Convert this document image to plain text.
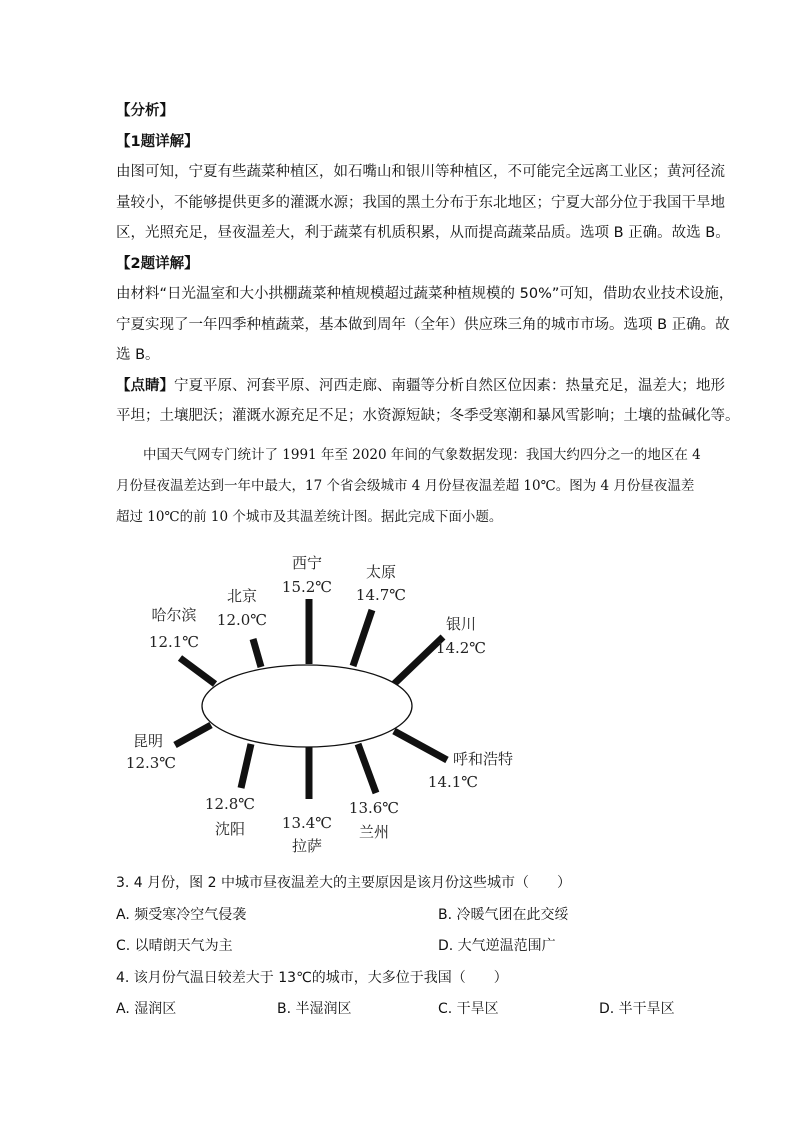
【分析】
【1题详解】
由图可知，宁夏有些蔬菜种植区，如石嘴山和银川等种植区，不可能完全远离工业区；黄河径流
量较小，不能够提供更多的灌溉水源；我国的黑土分布于东北地区；宁夏大部分位于我国干旱地
区，光照充足，昼夜温差大，利于蔬菜有机质积累，从而提高蔬菜品质。选项 B 正确。故选 B。
【2题详解】
由材料“日光温室和大小拱棚蔬菜种植规模超过蔬菜种植规模的 50%”可知，借助农业技术设施，
宁夏实现了一年四季种植蔬菜，基本做到周年（全年）供应珠三角的城市市场。选项 B 正确。故
选 B。
【点睛】宁夏平原、河套平原、河西走廊、南疆等分析自然区位因素：热量充足，温差大；地形
平坦；土壤肥沃；灌溉水源充足不足；水资源短缺；冬季受寒潮和暴风雪影响；土壤的盐碱化等。
中国天气网专门统计了 1991 年至 2020 年间的气象数据发现：我国大约四分之一的地区在 4
月份昼夜温差达到一年中最大，17 个省会级城市 4 月份昼夜温差超 10℃。图为 4 月份昼夜温差
超过 10℃的前 10 个城市及其温差统计图。据此完成下面小题。
西宁
15.2℃
太原
14.7℃
银川
14.2℃
呼和浩特
14.1℃
13.6℃
兰州
13.4℃
拉萨
12.8℃
沈阳
昆明
12.3℃
哈尔滨
12.1℃
北京
12.0℃
3. 4 月份，图 2 中城市昼夜温差大的主要原因是该月份这些城市（　　）
A. 频受寒冷空气侵袭	B. 冷暖气团在此交绥
C. 以晴朗天气为主	D. 大气逆温范围广
4. 该月份气温日较差大于 13℃的城市，大多位于我国（　　）
A. 湿润区	B. 半湿润区	C. 干旱区	D. 半干旱区
